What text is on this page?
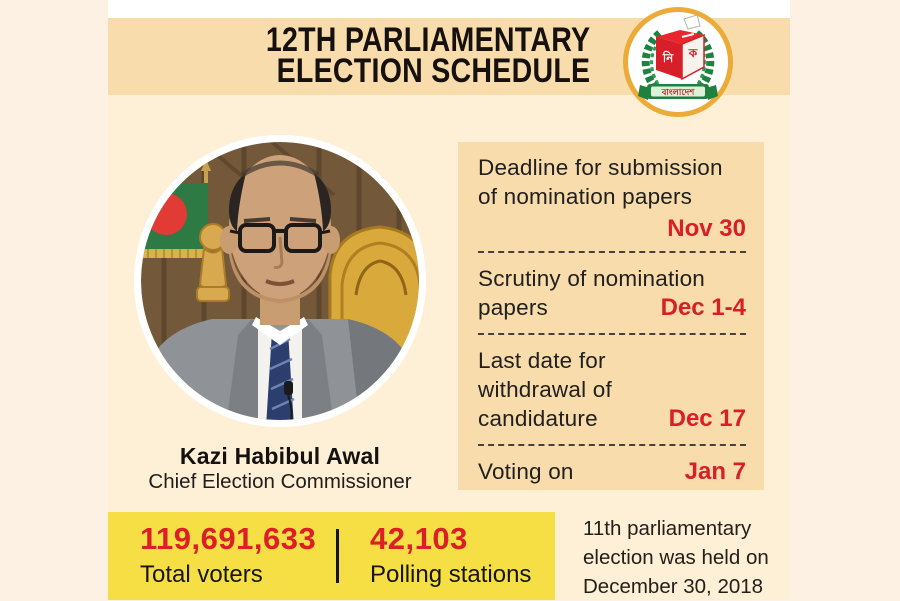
12TH PARLIAMENTARY
ELECTION SCHEDULE	নি ক
বাংলাদেশ
Kazi Habibul Awal
Chief Election Commissioner
Deadline for submission
of nomination papers
Nov 30
Scrutiny of nomination
papers	Dec 1-4
Last date for
withdrawal of
candidature	Dec 17
Voting on	Jan 7
119,691,633
Total voters
42,103
Polling stations
11th parliamentary
election was held on
December 30, 2018
